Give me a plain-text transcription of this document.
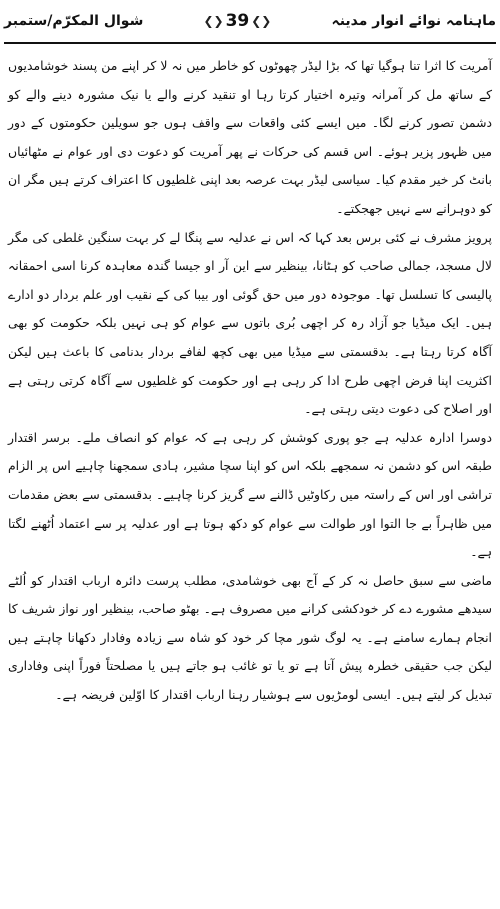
ماہنامہ نوائے انوار مدینہ
❮❯ 39 ❮❯
شوال المکرّم/ستمبر

آمریت کا اثرا تنا ہوگیا تھا کہ بڑا لیڈر چھوٹوں کو خاطر میں نہ لا کر اپنے من پسند خوشامدیوں کے ساتھ مل کر آمرانہ وتیرہ اختیار کرتا رہا او تنقید کرنے والے یا نیک مشورہ دینے والے کو دشمن تصور کرنے لگا۔ میں ایسے کئی واقعات سے واقف ہوں جو سویلین حکومتوں کے دور میں ظہور پزیر ہوئے۔ اس قسم کی حرکات نے پھر آمریت کو دعوت دی اور عوام نے مٹھائیاں بانٹ کر خیر مقدم کیا۔ سیاسی لیڈر بہت عرصہ بعد اپنی غلطیوں کا اعتراف کرتے ہیں مگر ان کو دوہرانے سے نہیں جھجکتے۔

پرویز مشرف نے کئی برس بعد کہا کہ اس نے عدلیہ سے پنگا لے کر بہت سنگین غلطی کی مگر لال مسجد، جمالی صاحب کو ہٹانا، بینظیر سے این آر او جیسا گندہ معاہدہ کرنا اسی احمقانہ پالیسی کا تسلسل تھا۔ موجودہ دور میں حق گوئی اور بیبا کی کے نقیب اور علم بردار دو ادارے ہیں۔ ایک میڈیا جو آزاد رہ کر اچھی بُری باتوں سے عوام کو ہی نہیں بلکہ حکومت کو بھی آگاہ کرتا رہتا ہے۔ بدقسمتی سے میڈیا میں بھی کچھ لفافے بردار بدنامی کا باعث ہیں لیکن اکثریت اپنا فرض اچھی طرح ادا کر رہی ہے اور حکومت کو غلطیوں سے آگاہ کرتی رہتی ہے اور اصلاح کی دعوت دیتی رہتی ہے۔

دوسرا ادارہ عدلیہ ہے جو پوری کوشش کر رہی ہے کہ عوام کو انصاف ملے۔ برسر اقتدار طبقہ اس کو دشمن نہ سمجھے بلکہ اس کو اپنا سچا مشیر، ہادی سمجھنا چاہیے اس پر الزام تراشی اور اس کے راستہ میں رکاوٹیں ڈالنے سے گریز کرنا چاہیے۔ بدقسمتی سے بعض مقدمات میں ظاہراً بے جا التوا اور طوالت سے عوام کو دکھ ہوتا ہے اور عدلیہ پر سے اعتماد اُٹھنے لگتا ہے۔

ماضی سے سبق حاصل نہ کر کے آج بھی خوشامدی، مطلب پرست دائرہ ارباب اقتدار کو اُلٹے سیدھے مشورے دے کر خودکشی کرانے میں مصروف ہے۔ بھٹو صاحب، بینظیر اور نواز شریف کا انجام ہمارے سامنے ہے۔ یہ لوگ شور مچا کر خود کو شاہ سے زیادہ وفادار دکھانا چاہتے ہیں لیکن جب حقیقی خطرہ پیش آتا ہے تو یا تو غائب ہو جاتے ہیں یا مصلحتاً فوراً اپنی وفاداری تبدیل کر لیتے ہیں۔ ایسی لومڑیوں سے ہوشیار رہنا ارباب اقتدار کا اوّلین فریضہ ہے۔
